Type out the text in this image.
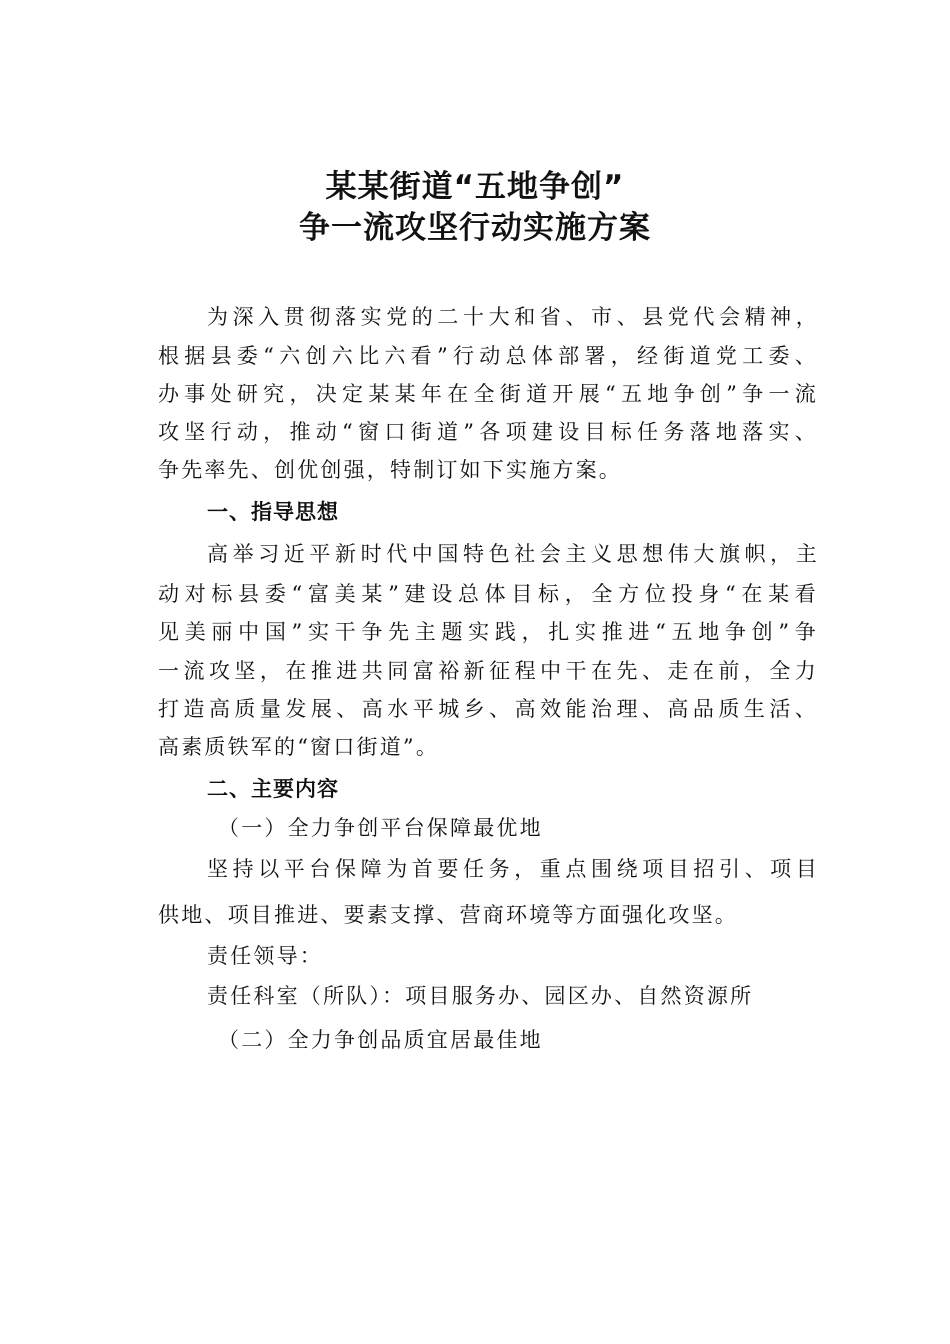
某某街道“五地争创”
争一流攻坚行动实施方案
为深入贯彻落实党的二十大和省、市、县党代会精神，
根据县委“六创六比六看”行动总体部署，经街道党工委、
办事处研究，决定某某年在全街道开展“五地争创”争一流
攻坚行动，推动“窗口街道”各项建设目标任务落地落实、
争先率先、创优创强，特制订如下实施方案。
一、指导思想
高举习近平新时代中国特色社会主义思想伟大旗帜，主
动对标县委“富美某”建设总体目标，全方位投身“在某看
见美丽中国”实干争先主题实践，扎实推进“五地争创”争
一流攻坚，在推进共同富裕新征程中干在先、走在前，全力
打造高质量发展、高水平城乡、高效能治理、高品质生活、
高素质铁军的“窗口街道”。
二、主要内容
（一）全力争创平台保障最优地
坚持以平台保障为首要任务，重点围绕项目招引、项目
供地、项目推进、要素支撑、营商环境等方面强化攻坚。
责任领导：
责任科室（所队）：项目服务办、园区办、自然资源所
（二）全力争创品质宜居最佳地
